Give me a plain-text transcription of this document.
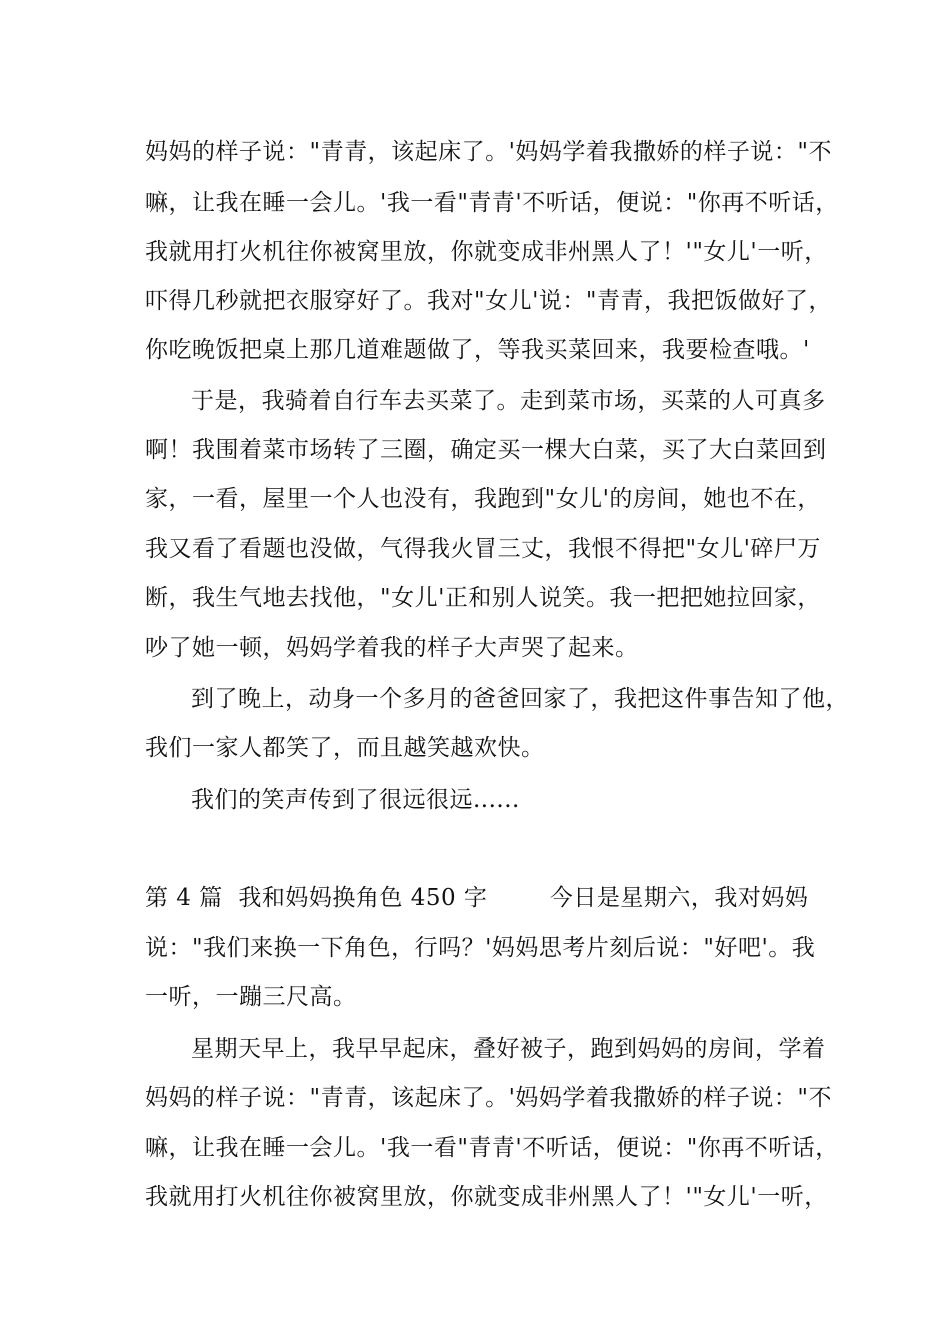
妈妈的样子说："青青，该起床了。'妈妈学着我撒娇的样子说："不
嘛，让我在睡一会儿。'我一看"青青'不听话，便说："你再不听话，
我就用打火机往你被窝里放，你就变成非州黑人了！'"女儿'一听，
吓得几秒就把衣服穿好了。我对"女儿'说："青青，我把饭做好了，
你吃晚饭把桌上那几道难题做了，等我买菜回来，我要检查哦。'
于是，我骑着自行车去买菜了。走到菜市场，买菜的人可真多
啊！我围着菜市场转了三圈，确定买一棵大白菜，买了大白菜回到
家，一看，屋里一个人也没有，我跑到"女儿'的房间，她也不在，
我又看了看题也没做，气得我火冒三丈，我恨不得把"女儿'碎尸万
断，我生气地去找他，"女儿'正和别人说笑。我一把把她拉回家，
吵了她一顿，妈妈学着我的样子大声哭了起来。
到了晚上，动身一个多月的爸爸回家了，我把这件事告知了他，
我们一家人都笑了，而且越笑越欢快。
我们的笑声传到了很远很远......
第 4 篇  我和妈妈换角色 450 字        今日是星期六，我对妈妈
说："我们来换一下角色，行吗？'妈妈思考片刻后说："好吧'。我
一听，一蹦三尺高。
星期天早上，我早早起床，叠好被子，跑到妈妈的房间，学着
妈妈的样子说："青青，该起床了。'妈妈学着我撒娇的样子说："不
嘛，让我在睡一会儿。'我一看"青青'不听话，便说："你再不听话，
我就用打火机往你被窝里放，你就变成非州黑人了！'"女儿'一听，
